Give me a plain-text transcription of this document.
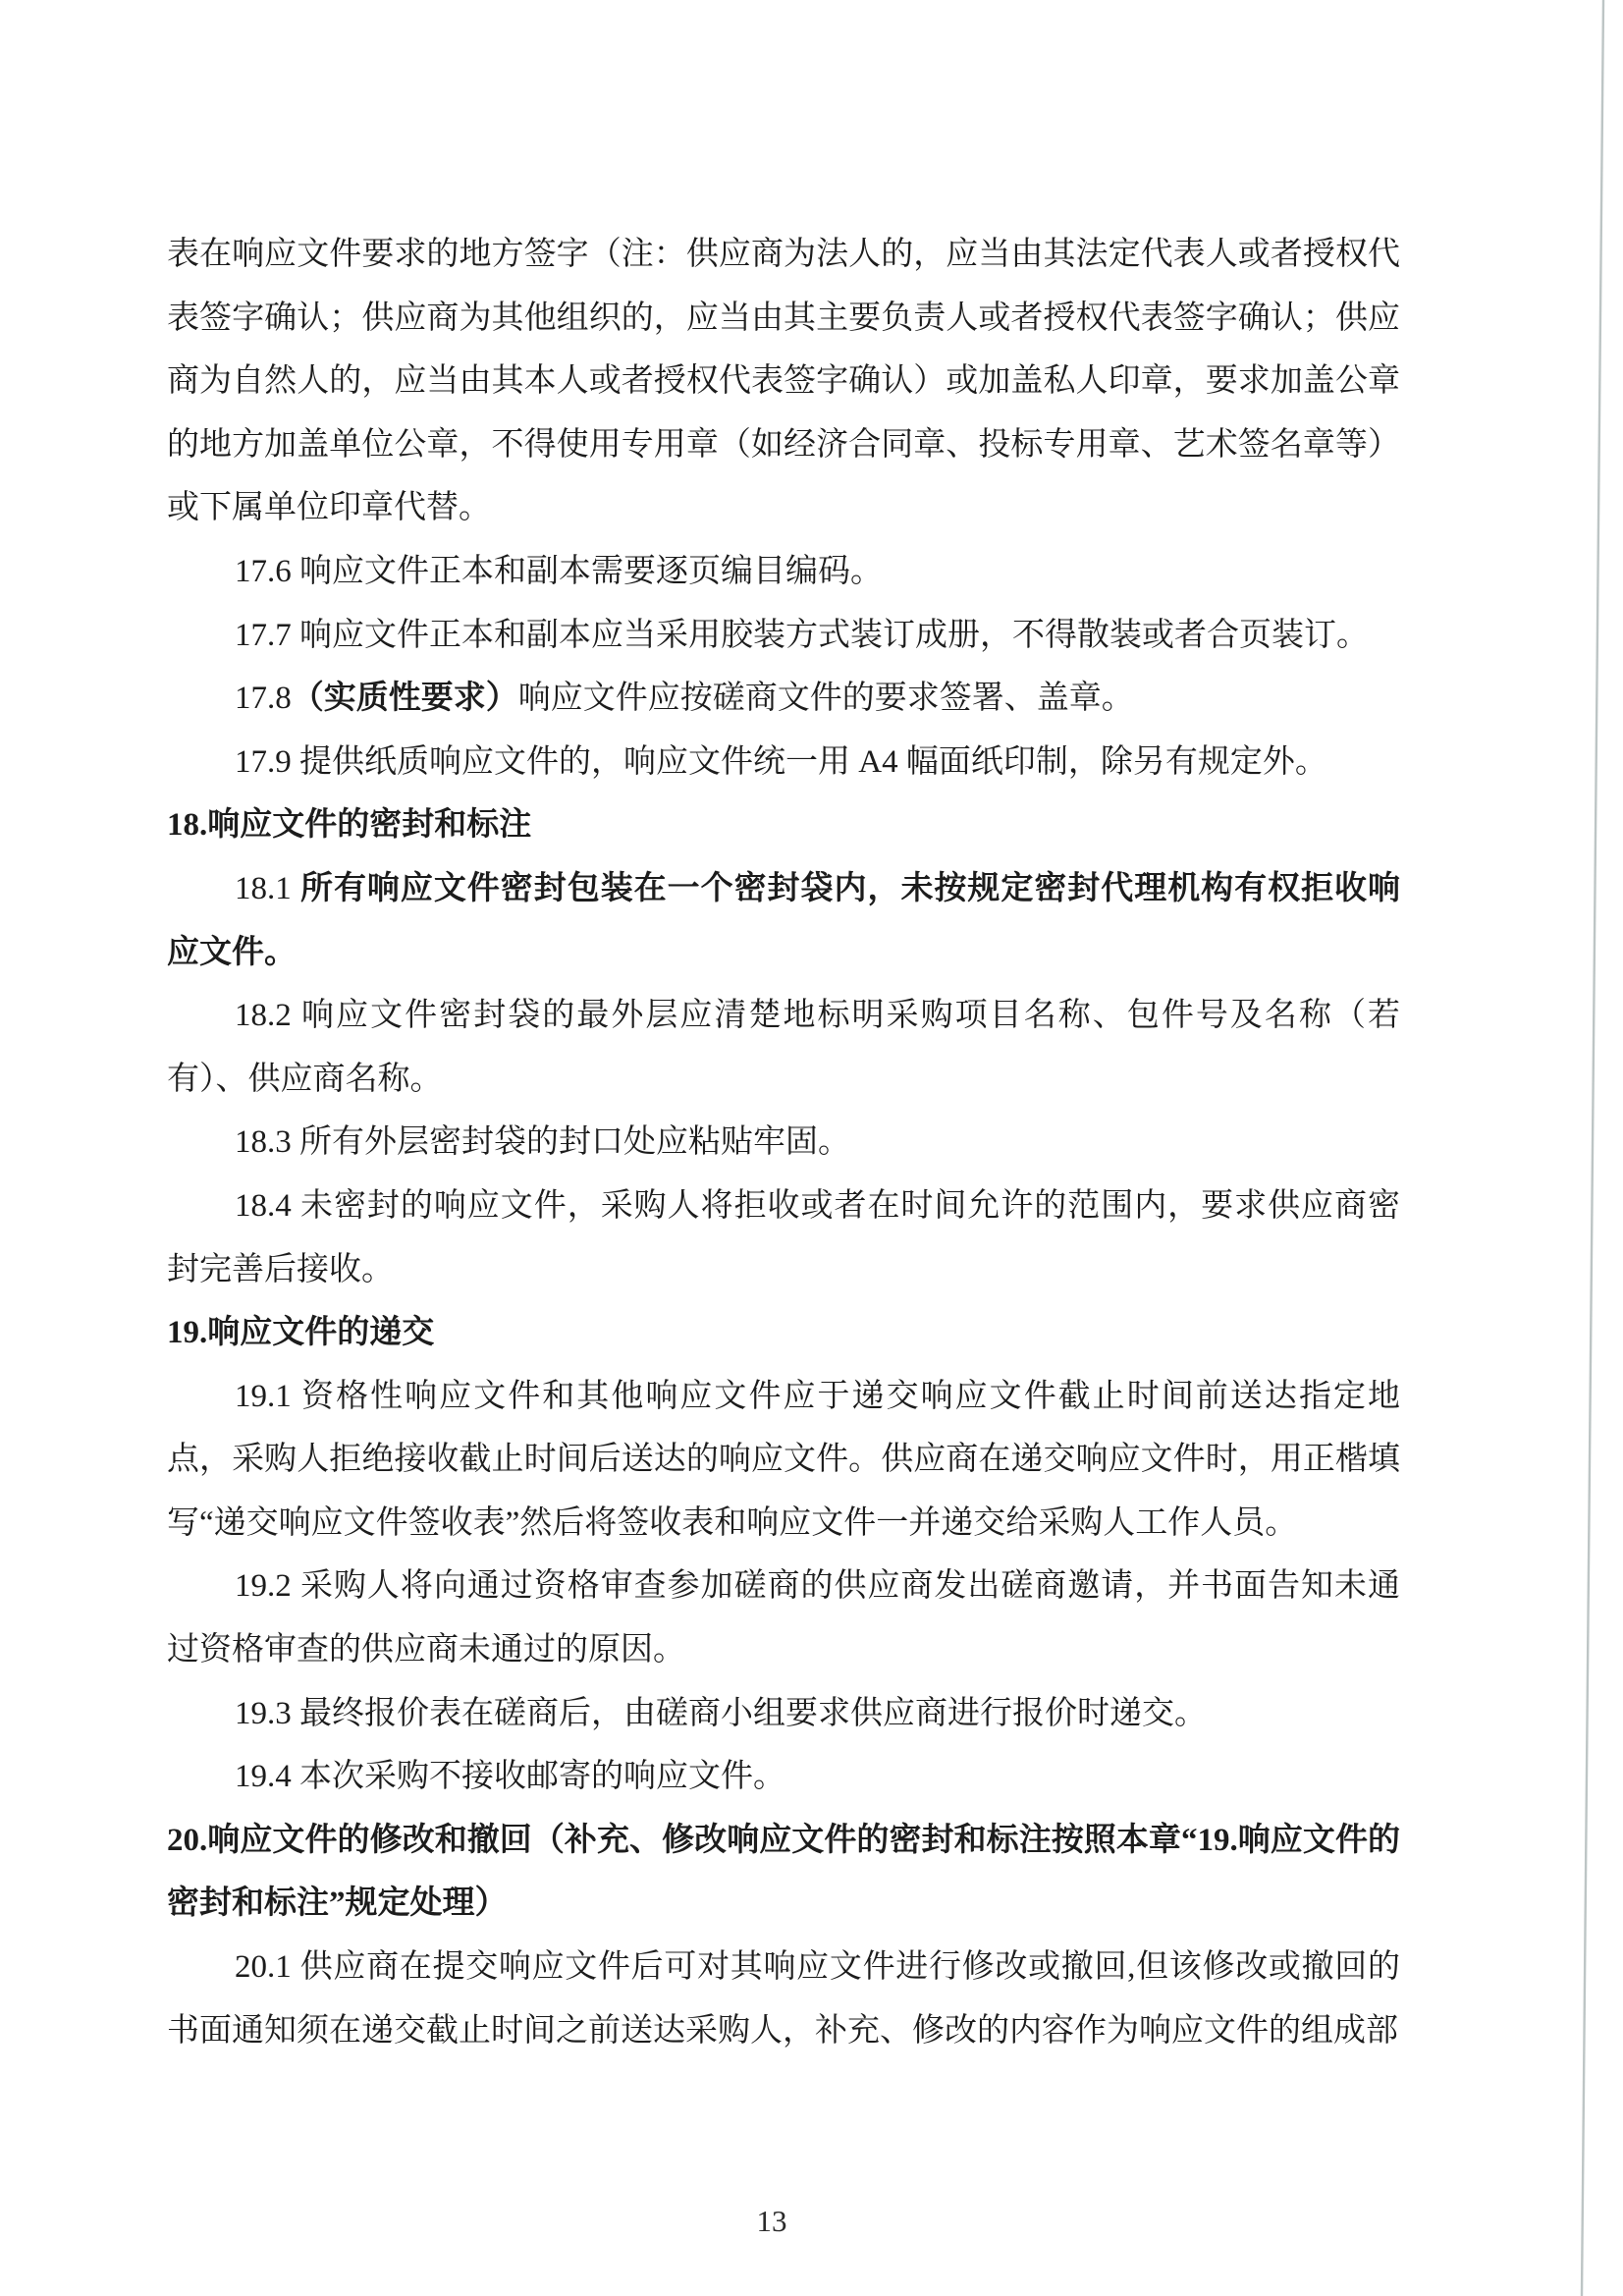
表在响应文件要求的地方签字（注：供应商为法人的，应当由其法定代表人或者授权代表签字确认；供应商为其他组织的，应当由其主要负责人或者授权代表签字确认；供应商为自然人的，应当由其本人或者授权代表签字确认）或加盖私人印章，要求加盖公章的地方加盖单位公章，不得使用专用章（如经济合同章、投标专用章、艺术签名章等）或下属单位印章代替。

17.6 响应文件正本和副本需要逐页编目编码。

17.7 响应文件正本和副本应当采用胶装方式装订成册，不得散装或者合页装订。

17.8（实质性要求）响应文件应按磋商文件的要求签署、盖章。

17.9 提供纸质响应文件的，响应文件统一用 A4 幅面纸印制，除另有规定外。

18.响应文件的密封和标注

18.1 所有响应文件密封包装在一个密封袋内，未按规定密封代理机构有权拒收响应文件。

18.2 响应文件密封袋的最外层应清楚地标明采购项目名称、包件号及名称（若有）、供应商名称。

18.3 所有外层密封袋的封口处应粘贴牢固。

18.4 未密封的响应文件，采购人将拒收或者在时间允许的范围内，要求供应商密封完善后接收。

19.响应文件的递交

19.1 资格性响应文件和其他响应文件应于递交响应文件截止时间前送达指定地点，采购人拒绝接收截止时间后送达的响应文件。供应商在递交响应文件时，用正楷填写“递交响应文件签收表”然后将签收表和响应文件一并递交给采购人工作人员。

19.2 采购人将向通过资格审查参加磋商的供应商发出磋商邀请，并书面告知未通过资格审查的供应商未通过的原因。

19.3 最终报价表在磋商后，由磋商小组要求供应商进行报价时递交。

19.4 本次采购不接收邮寄的响应文件。

20.响应文件的修改和撤回（补充、修改响应文件的密封和标注按照本章“19.响应文件的密封和标注”规定处理）

20.1 供应商在提交响应文件后可对其响应文件进行修改或撤回,但该修改或撤回的书面通知须在递交截止时间之前送达采购人，补充、修改的内容作为响应文件的组成部

13
